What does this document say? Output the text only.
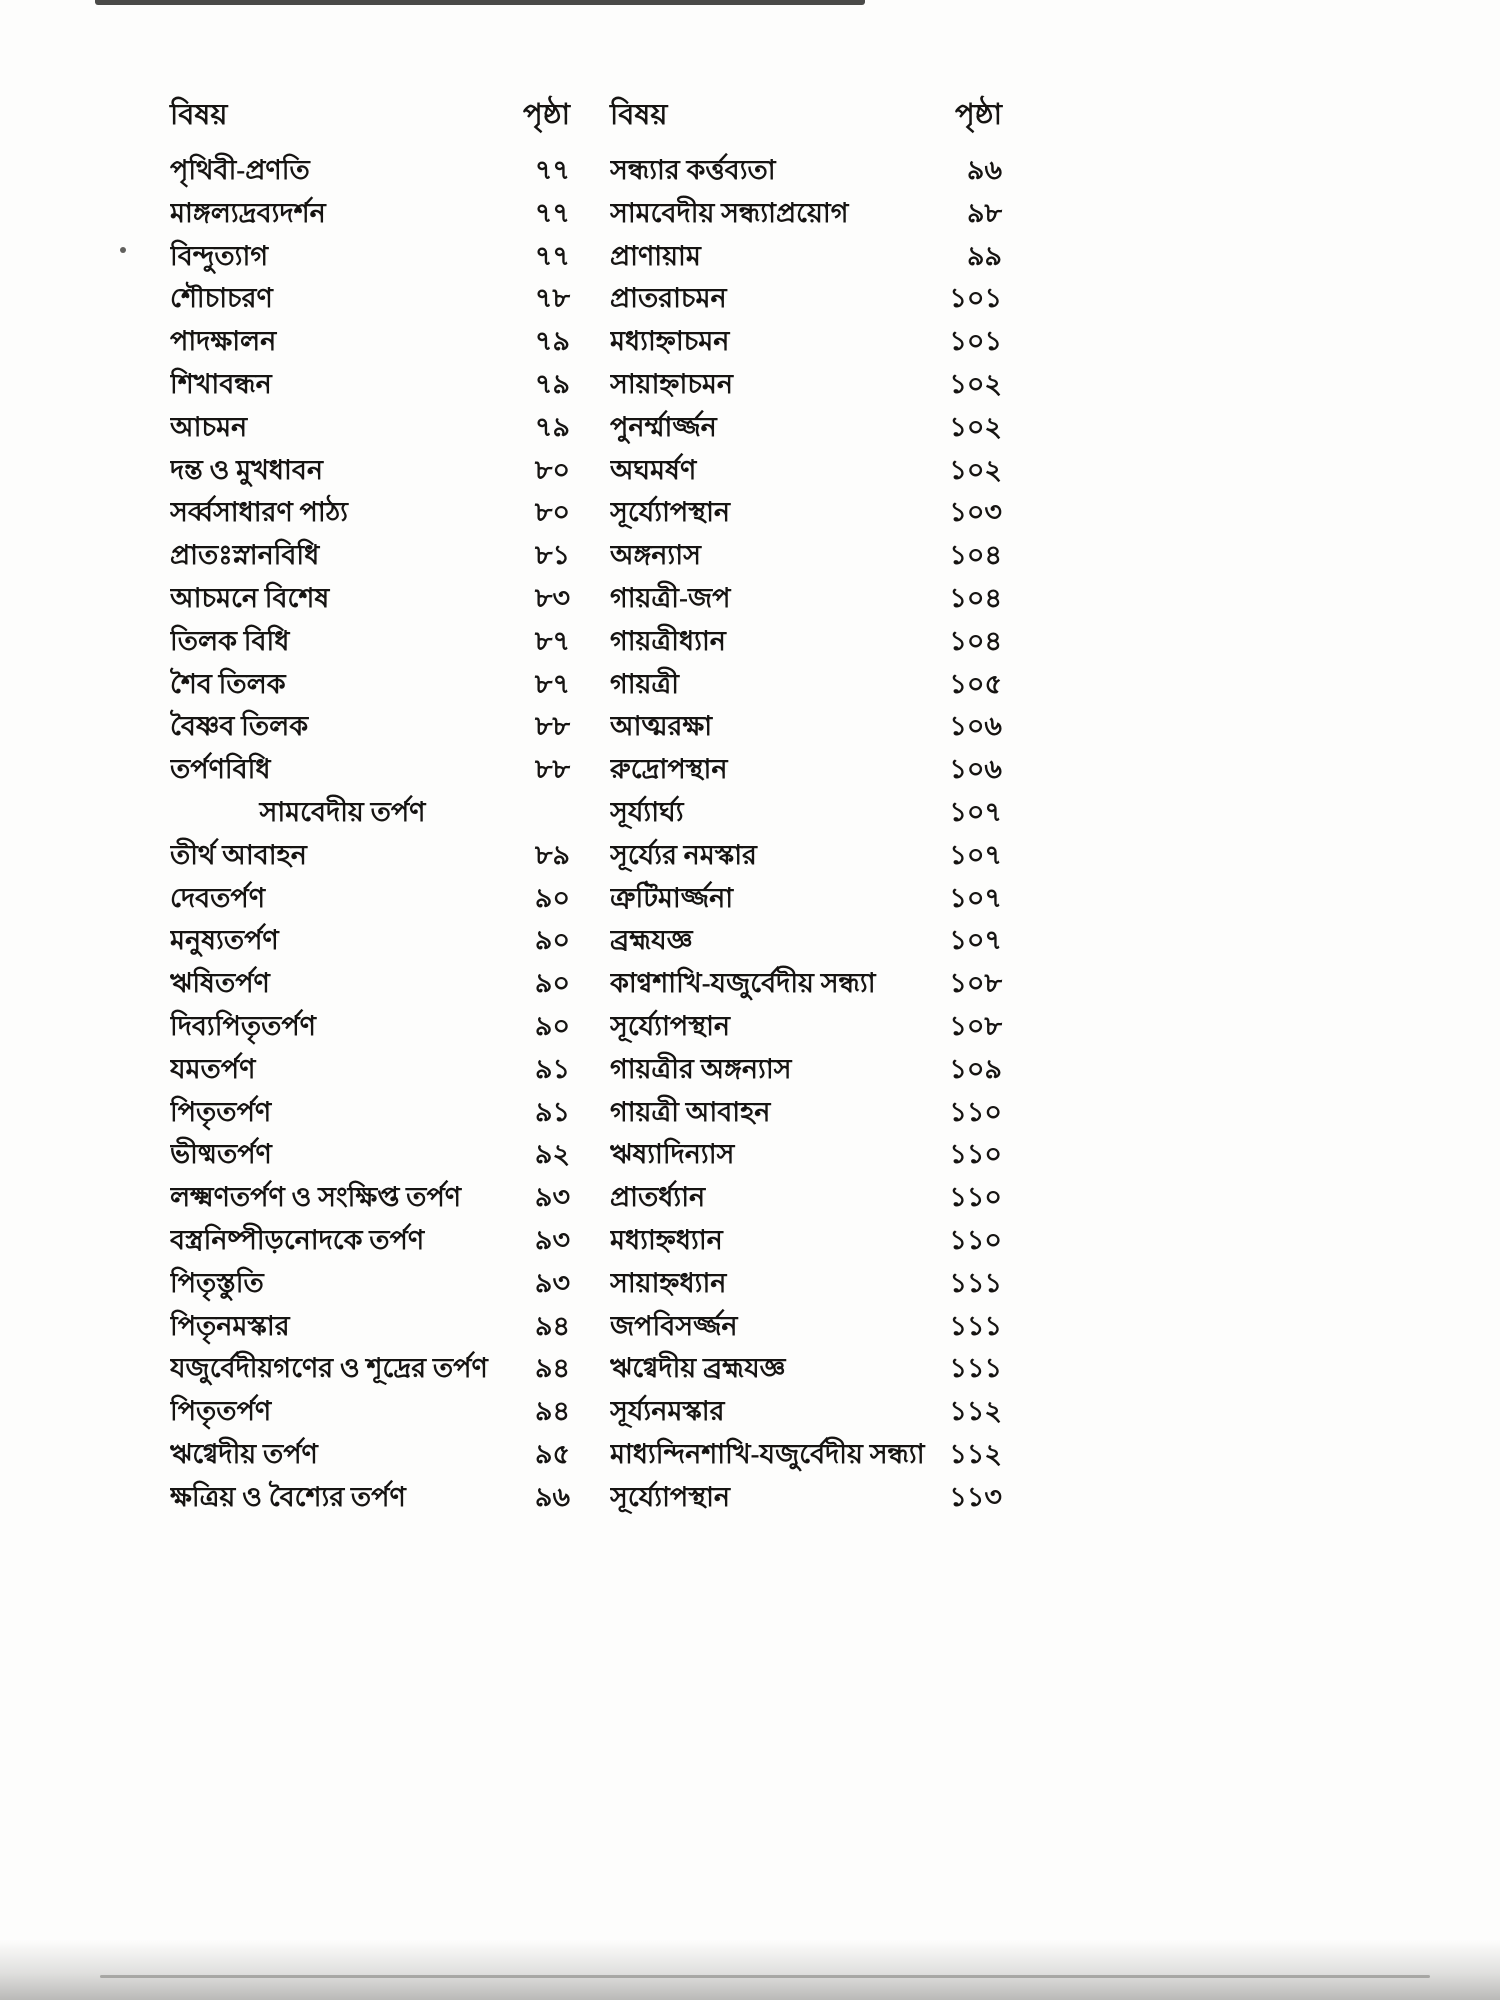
বিষয়	পৃষ্ঠা
পৃথিবী-প্রণতি	৭৭
মাঙ্গল্যদ্রব্যদর্শন	৭৭
বিন্দুত্যাগ	৭৭
শৌচাচরণ	৭৮
পাদক্ষালন	৭৯
শিখাবন্ধন	৭৯
আচমন	৭৯
দন্ত ও মুখধাবন	৮০
সর্ব্বসাধারণ পাঠ্য	৮০
প্রাতঃস্নানবিধি	৮১
আচমনে বিশেষ	৮৩
তিলক বিধি	৮৭
শৈব তিলক	৮৭
বৈষ্ণব তিলক	৮৮
তর্পণবিধি	৮৮
সামবেদীয় তর্পণ
তীর্থ আবাহন	৮৯
দেবতর্পণ	৯০
মনুষ্যতর্পণ	৯০
ঋষিতর্পণ	৯০
দিব্যপিতৃতর্পণ	৯০
যমতর্পণ	৯১
পিতৃতর্পণ	৯১
ভীষ্মতর্পণ	৯২
লক্ষ্মণতর্পণ ও সংক্ষিপ্ত তর্পণ	৯৩
বস্ত্রনিষ্পীড়নোদকে তর্পণ	৯৩
পিতৃস্তুতি	৯৩
পিতৃনমস্কার	৯৪
যজুর্বেদীয়গণের ও শূদ্রের তর্পণ	৯৪
পিতৃতর্পণ	৯৪
ঋগ্বেদীয় তর্পণ	৯৫
ক্ষত্রিয় ও বৈশ্যের তর্পণ	৯৬
বিষয়	পৃষ্ঠা
সন্ধ্যার কর্ত্তব্যতা	৯৬
সামবেদীয় সন্ধ্যাপ্রয়োগ	৯৮
প্রাণায়াম	৯৯
প্রাতরাচমন	১০১
মধ্যাহ্নাচমন	১০১
সায়াহ্নাচমন	১০২
পুনর্ম্মার্জ্জন	১০২
অঘমর্ষণ	১০২
সূর্য্যোপস্থান	১০৩
অঙ্গন্যাস	১০৪
গায়ত্রী-জপ	১০৪
গায়ত্রীধ্যান	১০৪
গায়ত্রী	১০৫
আত্মরক্ষা	১০৬
রুদ্রোপস্থান	১০৬
সূর্য্যার্ঘ্য	১০৭
সূর্য্যের নমস্কার	১০৭
ত্রুটিমার্জ্জনা	১০৭
ব্রহ্মযজ্ঞ	১০৭
কাণ্বশাখি-যজুর্বেদীয় সন্ধ্যা	১০৮
সূর্য্যোপস্থান	১০৮
গায়ত্রীর অঙ্গন্যাস	১০৯
গায়ত্রী আবাহন	১১০
ঋষ্যাদিন্যাস	১১০
প্রাতর্ধ্যান	১১০
মধ্যাহ্নধ্যান	১১০
সায়াহ্নধ্যান	১১১
জপবিসর্জ্জন	১১১
ঋগ্বেদীয় ব্রহ্মযজ্ঞ	১১১
সূর্য্যনমস্কার	১১২
মাধ্যন্দিনশাখি-যজুর্বেদীয় সন্ধ্যা ১১২
সূর্য্যোপস্থান	১১৩
